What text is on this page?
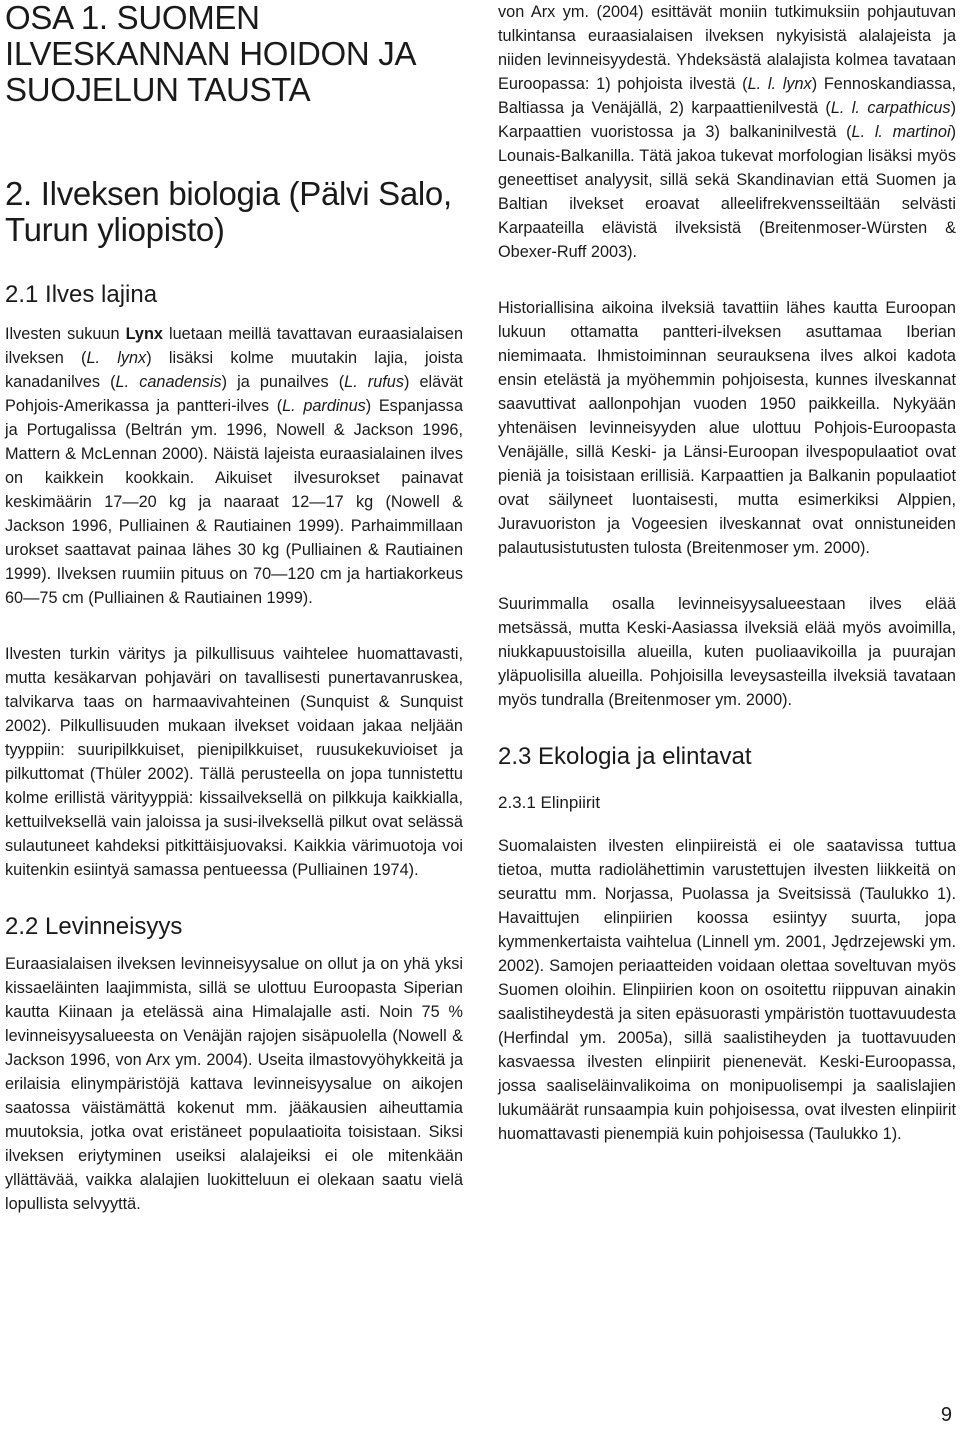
OSA 1. SUOMEN ILVESKANNAN HOIDON JA SUOJELUN TAUSTA
2. Ilveksen biologia (Pälvi Salo, Turun yliopisto)
2.1 Ilves lajina

Ilvesten sukuun Lynx luetaan meillä tavattavan euraasialaisen ilveksen (L. lynx) lisäksi kolme muutakin lajia, joista kanadanilves (L. canadensis) ja punailves (L. rufus) elävät Pohjois-Amerikassa ja pantteri-ilves (L. pardinus) Espanjassa ja Portugalissa (Beltrán ym. 1996, Nowell & Jackson 1996, Mattern & McLennan 2000). Näistä lajeista euraasialainen ilves on kaikkein kookkain. Aikuiset ilvesurokset painavat keskimäärin 17—20 kg ja naaraat 12—17 kg (Nowell & Jackson 1996, Pulliainen & Rautiainen 1999). Parhaimmillaan urokset saattavat painaa lähes 30 kg (Pulliainen & Rautiainen 1999). Ilveksen ruumiin pituus on 70—120 cm ja hartiakorkeus 60—75 cm (Pulliainen & Rautiainen 1999).

Ilvesten turkin väritys ja pilkullisuus vaihtelee huomattavasti, mutta kesäkarvan pohjaväri on tavallisesti punertavanruskea, talvikarva taas on harmaavivahteinen (Sunquist & Sunquist 2002). Pilkullisuuden mukaan ilvekset voidaan jakaa neljään tyyppiin: suuripilkkuiset, pienipilkkuiset, ruusukekuvioiset ja pilkuttomat (Thüler 2002). Tällä perusteella on jopa tunnistettu kolme erillistä värityyppiä: kissailveksellä on pilkkuja kaikkialla, kettuilveksellä vain jaloissa ja susi-ilveksellä pilkut ovat selässä sulautuneet kahdeksi pitkittäisjuovaksi. Kaikkia värimuotoja voi kuitenkin esiintyä samassa pentueessa (Pulliainen 1974).

2.2 Levinneisyys

Euraasialaisen ilveksen levinneisyysalue on ollut ja on yhä yksi kissaeläinten laajimmista, sillä se ulottuu Euroopasta Siperian kautta Kiinaan ja etelässä aina Himalajalle asti. Noin 75 % levinneisyysalueesta on Venäjän rajojen sisäpuolella (Nowell & Jackson 1996, von Arx ym. 2004). Useita ilmastovyöhykkeitä ja erilaisia elinympäristöjä kattava levinneisyysalue on aikojen saatossa väistämättä kokenut mm. jääkausien aiheuttamia muutoksia, jotka ovat eristäneet populaatioita toisistaan. Siksi ilveksen eriytyminen useiksi alalajeiksi ei ole mitenkään yllättävää, vaikka alalajien luokitteluun ei olekaan saatu vielä lopullista selvyyttä.

von Arx ym. (2004) esittävät moniin tutkimuksiin pohjautuvan tulkintansa euraasialaisen ilveksen nykyisistä alalajeista ja niiden levinneisyydestä. Yhdeksästä alalajista kolmea tavataan Euroopassa: 1) pohjoista ilvestä (L. l. lynx) Fennoskandiassa, Baltiassa ja Venäjällä, 2) karpaattienilvestä (L. l. carpathicus) Karpaattien vuoristossa ja 3) balkaninilvestä (L. l. martinoi) Lounais-Balkanilla. Tätä jakoa tukevat morfologian lisäksi myös geneettiset analyysit, sillä sekä Skandinavian että Suomen ja Baltian ilvekset eroavat alleelifrekvensseiltään selvästi Karpaateilla elävistä ilveksistä (Breitenmoser-Würsten & Obexer-Ruff 2003).

Historiallisina aikoina ilveksiä tavattiin lähes kautta Euroopan lukuun ottamatta pantteri-ilveksen asuttamaa Iberian niemimaata. Ihmistoiminnan seurauksena ilves alkoi kadota ensin etelästä ja myöhemmin pohjoisesta, kunnes ilveskannat saavuttivat aallonpohjan vuoden 1950 paikkeilla. Nykyään yhtenäisen levinneisyyden alue ulottuu Pohjois-Euroopasta Venäjälle, sillä Keski- ja Länsi-Euroopan ilvespopulaatiot ovat pieniä ja toisistaan erillisiä. Karpaattien ja Balkanin populaatiot ovat säilyneet luontaisesti, mutta esimerkiksi Alppien, Juravuoriston ja Vogeesien ilveskannat ovat onnistuneiden palautusistutusten tulosta (Breitenmoser ym. 2000).

Suurimmalla osalla levinneisyysalueestaan ilves elää metsässä, mutta Keski-Aasiassa ilveksiä elää myös avoimilla, niukkapuustoisilla alueilla, kuten puoliaavikoilla ja puurajan yläpuolisilla alueilla. Pohjoisilla leveysasteilla ilveksiä tavataan myös tundralla (Breitenmoser ym. 2000).

2.3 Ekologia ja elintavat
2.3.1 Elinpiirit

Suomalaisten ilvesten elinpiireistä ei ole saatavissa tuttua tietoa, mutta radiolähettimin varustettujen ilvesten liikkeitä on seurattu mm. Norjassa, Puolassa ja Sveitsissä (Taulukko 1). Havaittujen elinpiirien koossa esiintyy suurta, jopa kymmenkertaista vaihtelua (Linnell ym. 2001, Jędrzejewski ym. 2002). Samojen periaatteiden voidaan olettaa soveltuvan myös Suomen oloihin. Elinpiirien koon on osoitettu riippuvan ainakin saalistiheydestä ja siten epäsuorasti ympäristön tuottavuudesta (Herfindal ym. 2005a), sillä saalistiheyden ja tuottavuuden kasvaessa ilvesten elinpiirit pienenevät. Keski-Euroopassa, jossa saaliseläinvalikoima on monipuolisempi ja saalislajien lukumäärät runsaampia kuin pohjoisessa, ovat ilvesten elinpiirit huomattavasti pienempiä kuin pohjoisessa (Taulukko 1).

9
